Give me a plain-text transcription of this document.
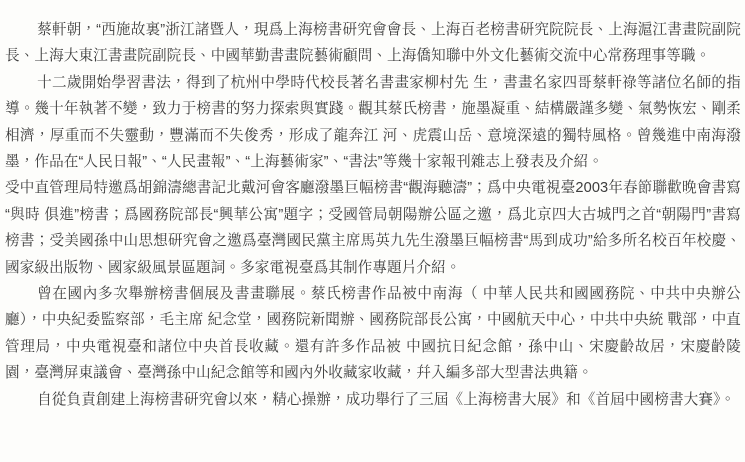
蔡軒朝，“西施故裏”浙江諸暨人，現爲上海榜書研究會會長、上海百老榜書研究院院長、上海滬江書畫院副院長、上海大東江書畫院副院長、中國華勤書畫院藝術顧問、上海僑知聯中外文化藝術交流中心常務理事等職。

十二歲開始學習書法，得到了杭州中學時代校長著名書畫家柳村先 生，書畫名家四哥蔡軒祿等諸位名師的指導。幾十年執著不變，致力于榜書的努力探索與實踐。觀其蔡氏榜書，施墨凝重、結構嚴謹多變、氣勢恢宏、剛柔相濟，厚重而不失靈動，豐滿而不失俊秀，形成了龍奔江 河、虎震山岳、意境深遠的獨特風格。曾幾進中南海潑墨，作品在“人民日報”、“人民畫報”、“上海藝術家”、“書法”等幾十家報刊雜志上發表及介紹。

受中直管理局特邀爲胡錦濤總書記北戴河會客廳潑墨巨幅榜書“觀海聽濤”；爲中央電視臺2003年春節聯歡晚會書寫“與時 俱進”榜書；爲國務院部長“興華公寓”題字；受國管局朝陽辦公區之邀，爲北京四大古城門之首“朝陽門”書寫榜書；受美國孫中山思想研究會之邀爲臺灣國民黨主席馬英九先生潑墨巨幅榜書“馬到成功”給多所名校百年校慶、國家級出版物、國家級風景區題詞。多家電視臺爲其制作專題片介紹。

曾在國內多次舉辦榜書個展及書畫聯展。蔡氏榜書作品被中南海（ 中華人民共和國國務院、中共中央辦公廳），中央紀委監察部，毛主席 紀念堂，國務院新聞辦、國務院部長公寓，中國航天中心，中共中央統 戰部，中直管理局，中央電視臺和諸位中央首長收藏。還有許多作品被 中國抗日紀念館，孫中山、宋慶齡故居，宋慶齡陵園，臺灣屏東議會、臺灣孫中山紀念館等和國內外收藏家收藏，幷入編多部大型書法典籍。

自從負責創建上海榜書研究會以來，精心操辦，成功舉行了三屆《上海榜書大展》和《首屆中國榜書大賽》。
